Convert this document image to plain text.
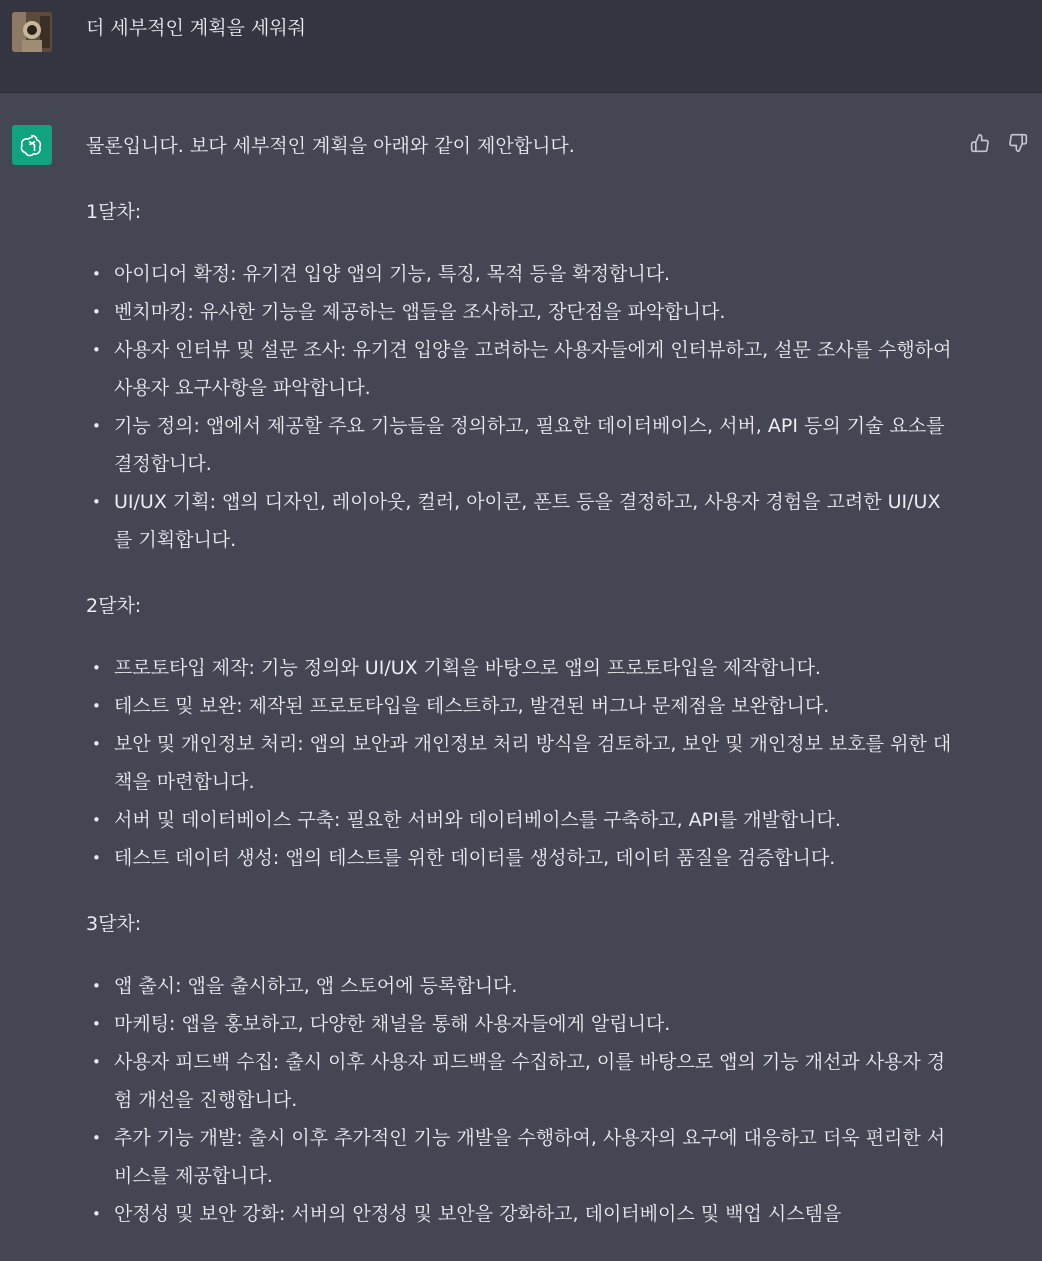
더 세부적인 계획을 세워줘

물론입니다. 보다 세부적인 계획을 아래와 같이 제안합니다.

1달차:

• 아이디어 확정: 유기견 입양 앱의 기능, 특징, 목적 등을 확정합니다.
• 벤치마킹: 유사한 기능을 제공하는 앱들을 조사하고, 장단점을 파악합니다.
• 사용자 인터뷰 및 설문 조사: 유기견 입양을 고려하는 사용자들에게 인터뷰하고, 설문 조사를 수행하여 사용자 요구사항을 파악합니다.
• 기능 정의: 앱에서 제공할 주요 기능들을 정의하고, 필요한 데이터베이스, 서버, API 등의 기술 요소를 결정합니다.
• UI/UX 기획: 앱의 디자인, 레이아웃, 컬러, 아이콘, 폰트 등을 결정하고, 사용자 경험을 고려한 UI/UX를 기획합니다.

2달차:

• 프로토타입 제작: 기능 정의와 UI/UX 기획을 바탕으로 앱의 프로토타입을 제작합니다.
• 테스트 및 보완: 제작된 프로토타입을 테스트하고, 발견된 버그나 문제점을 보완합니다.
• 보안 및 개인정보 처리: 앱의 보안과 개인정보 처리 방식을 검토하고, 보안 및 개인정보 보호를 위한 대책을 마련합니다.
• 서버 및 데이터베이스 구축: 필요한 서버와 데이터베이스를 구축하고, API를 개발합니다.
• 테스트 데이터 생성: 앱의 테스트를 위한 데이터를 생성하고, 데이터 품질을 검증합니다.

3달차:

• 앱 출시: 앱을 출시하고, 앱 스토어에 등록합니다.
• 마케팅: 앱을 홍보하고, 다양한 채널을 통해 사용자들에게 알립니다.
• 사용자 피드백 수집: 출시 이후 사용자 피드백을 수집하고, 이를 바탕으로 앱의 기능 개선과 사용자 경험 개선을 진행합니다.
• 추가 기능 개발: 출시 이후 추가적인 기능 개발을 수행하여, 사용자의 요구에 대응하고 더욱 편리한 서비스를 제공합니다.
• 안정성 및 보안 강화: 서버의 안정성 및 보안을 강화하고, 데이터베이스 및 백업 시스템을
